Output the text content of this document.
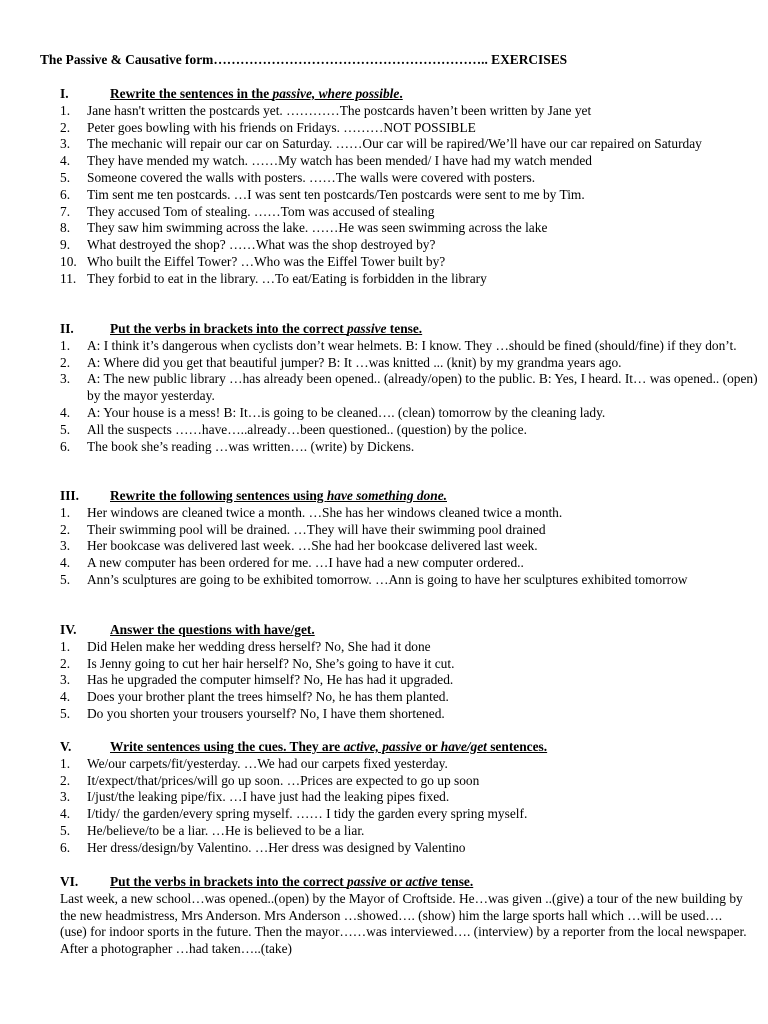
The Passive & Causative form…………………………………………………….. EXERCISES
I.	Rewrite the sentences in the passive, where possible.
1.	Jane hasn't written the postcards yet. …………The postcards haven’t been written by Jane yet
2.	Peter goes bowling with his friends on Fridays. ………NOT POSSIBLE
3.	The mechanic will repair our car on Saturday. ……Our car will be rapired/We’ll have our car repaired on Saturday
4.	They have mended my watch. ……My watch has been mended/ I have had my watch mended
5.	Someone covered the walls with posters. ……The walls were covered with posters.
6.	Tim sent me ten postcards. …I was sent ten postcards/Ten postcards were sent to me by Tim.
7.	They accused Tom of stealing. ……Tom was accused of stealing
8.	They saw him swimming across the lake. ……He was seen swimming across the lake
9.	What destroyed the shop? ……What was the shop destroyed by?
10. Who built the Eiffel Tower? …Who was the Eiffel Tower built by?
11. They forbid to eat in the library. …To eat/Eating is forbidden in the library
II.	Put the verbs in brackets into the correct passive tense.
1.	A: I think it’s dangerous when cyclists don’t wear helmets. B: I know. They …should be fined (should/fine) if they don’t.
2.	A: Where did you get that beautiful jumper? B: It …was knitted ... (knit) by my grandma years ago.
3.	A: The new public library …has already been opened.. (already/open) to the public. B: Yes, I heard. It… was opened.. (open) by the mayor yesterday.
4.	A: Your house is a mess! B: It…is going to be cleaned…. (clean) tomorrow by the cleaning lady.
5.	All the suspects ……have…..already…been questioned.. (question) by the police.
6.	The book she’s reading …was written…. (write) by Dickens.
III.	Rewrite the following sentences using have something done.
1.	Her windows are cleaned twice a month. …She has her windows cleaned twice a month.
2.	Their swimming pool will be drained. …They will have their swimming pool drained
3.	Her bookcase was delivered last week. …She had her bookcase delivered last week.
4.	A new computer has been ordered for me. …I have had a new computer ordered..
5.	Ann’s sculptures are going to be exhibited tomorrow. …Ann is going to have her sculptures exhibited tomorrow
IV.	Answer the questions with have/get.
1.	Did Helen make her wedding dress herself? No, She had it done
2.	Is Jenny going to cut her hair herself? No, She’s going to have it cut.
3.	Has he upgraded the computer himself? No, He has had it upgraded.
4.	Does your brother plant the trees himself? No, he has them planted.
5.	Do you shorten your trousers yourself? No, I have them shortened.
V.	Write sentences using the cues. They are active, passive or have/get sentences.
1.	We/our carpets/fit/yesterday. …We had our carpets fixed yesterday.
2.	It/expect/that/prices/will go up soon. …Prices are expected to go up soon
3.	I/just/the leaking pipe/fix. …I have just had the leaking pipes fixed.
4.	I/tidy/ the garden/every spring myself. …… I tidy the garden every spring myself.
5.	He/believe/to be a liar. …He is believed to be a liar.
6.	Her dress/design/by Valentino. …Her dress was designed by Valentino
VI.	Put the verbs in brackets into the correct passive or active tense.
Last week, a new school…was opened..(open) by the Mayor of Croftside. He…was given ..(give) a tour of the new building by the new headmistress, Mrs Anderson. Mrs Anderson …showed…. (show) him the large sports hall which …will be used…. (use) for indoor sports in the future. Then the mayor……was interviewed…. (interview) by a reporter from the local newspaper. After a photographer …had taken…..(take)
